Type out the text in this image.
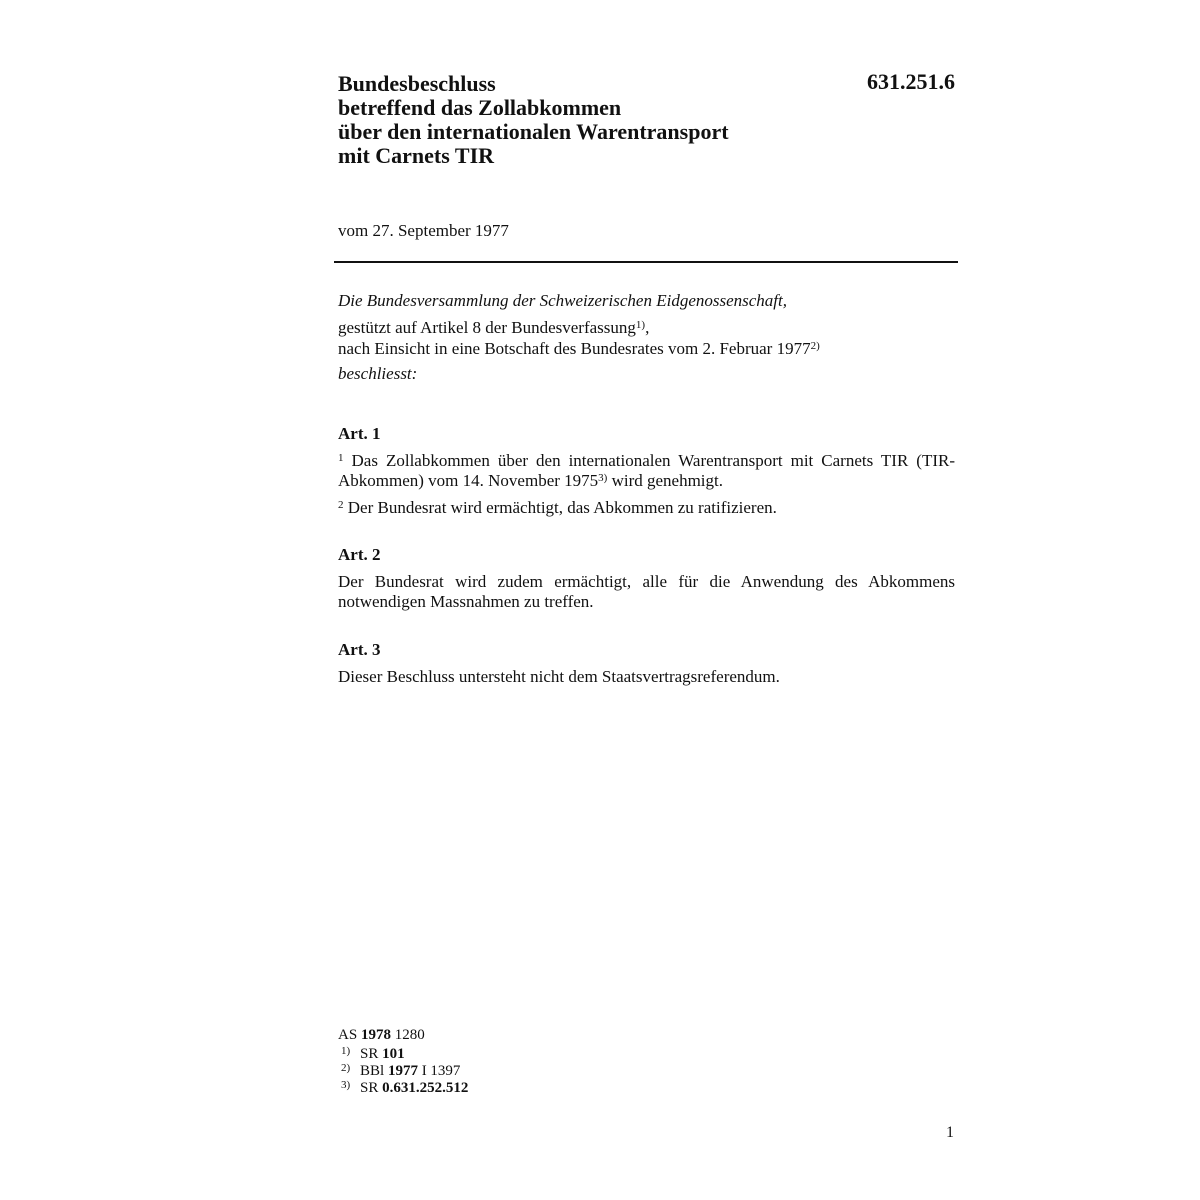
Bundesbeschluss
betreffend das Zollabkommen
über den internationalen Warentransport
mit Carnets TIR
631.251.6
vom 27. September 1977
Die Bundesversammlung der Schweizerischen Eidgenossenschaft,
gestützt auf Artikel 8 der Bundesverfassung$^{1)}$,
nach Einsicht in eine Botschaft des Bundesrates vom 2. Februar 1977$^{2)}$
beschliesst:
Art. 1

$^1$ Das Zollabkommen über den internationalen Warentransport mit Carnets TIR (TIR-Abkommen) vom 14. November 1975$^{3)}$ wird genehmigt.

$^2$ Der Bundesrat wird ermächtigt, das Abkommen zu ratifizieren.

Art. 2

Der Bundesrat wird zudem ermächtigt, alle für die Anwendung des Abkommens notwendigen Massnahmen zu treffen.

Art. 3

Dieser Beschluss untersteht nicht dem Staatsvertragsreferendum.

AS 1978 1280
1) SR 101
2) BBl 1977 I 1397
3) SR 0.631.252.512
1
